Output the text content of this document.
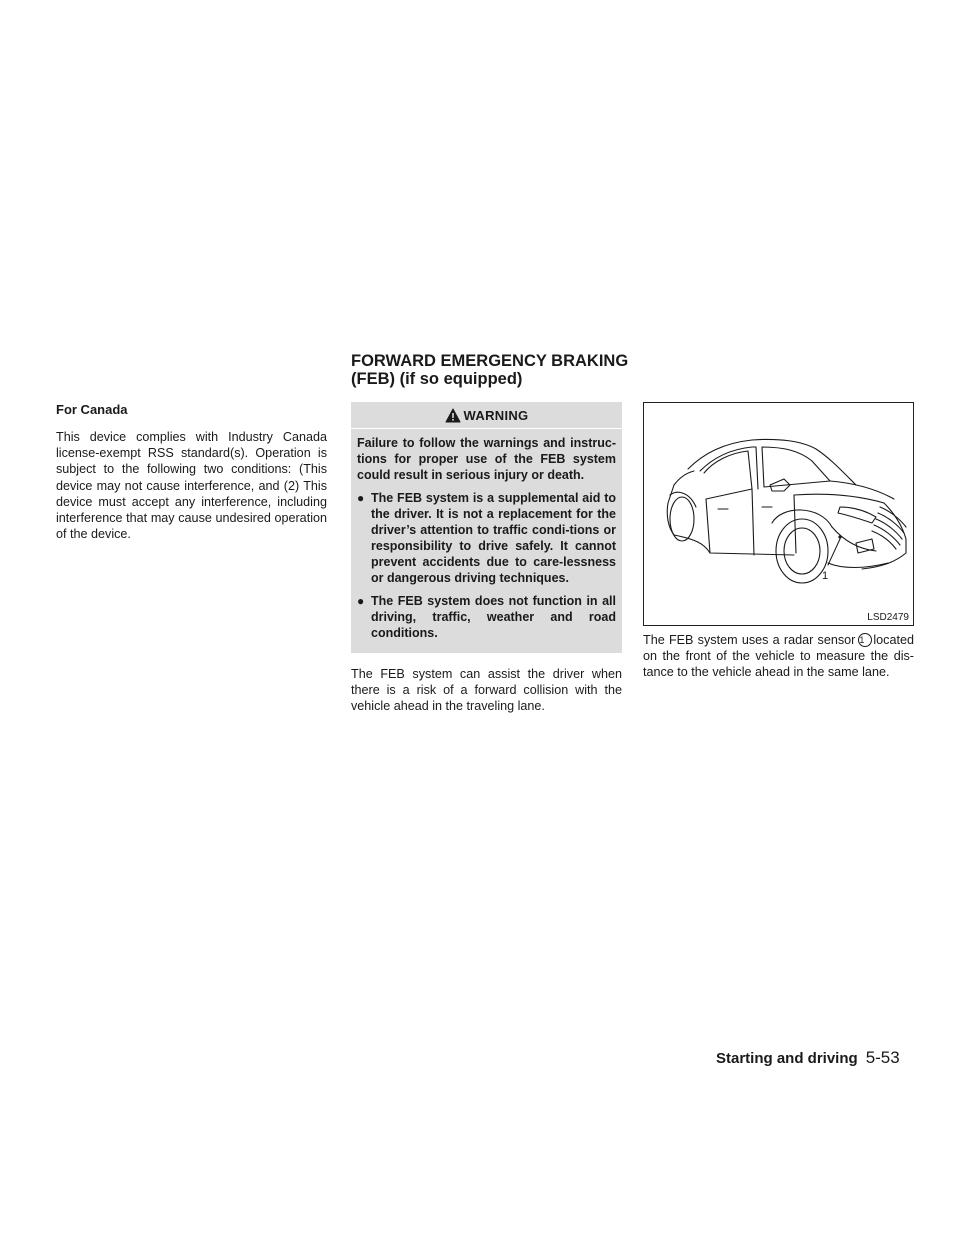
FORWARD EMERGENCY BRAKING
(FEB) (if so equipped)

For Canada

This device complies with Industry Canada license-exempt RSS standard(s). Operation is subject to the following two conditions: (This device may not cause interference, and (2) This device must accept any interference, including interference that may cause undesired operation of the device.

WARNING

Failure to follow the warnings and instruc-tions for proper use of the FEB system could result in serious injury or death.

● The FEB system is a supplemental aid to the driver. It is not a replacement for the driver’s attention to traffic condi-tions or responsibility to drive safely. It cannot prevent accidents due to care-lessness or dangerous driving techniques.
● The FEB system does not function in all driving, traffic, weather and road conditions.

The FEB system can assist the driver when there is a risk of a forward collision with the vehicle ahead in the traveling lane.

1
LSD2479

The FEB system uses a radar sensor 1 located on the front of the vehicle to measure the dis-tance to the vehicle ahead in the same lane.

Starting and driving 5-53
